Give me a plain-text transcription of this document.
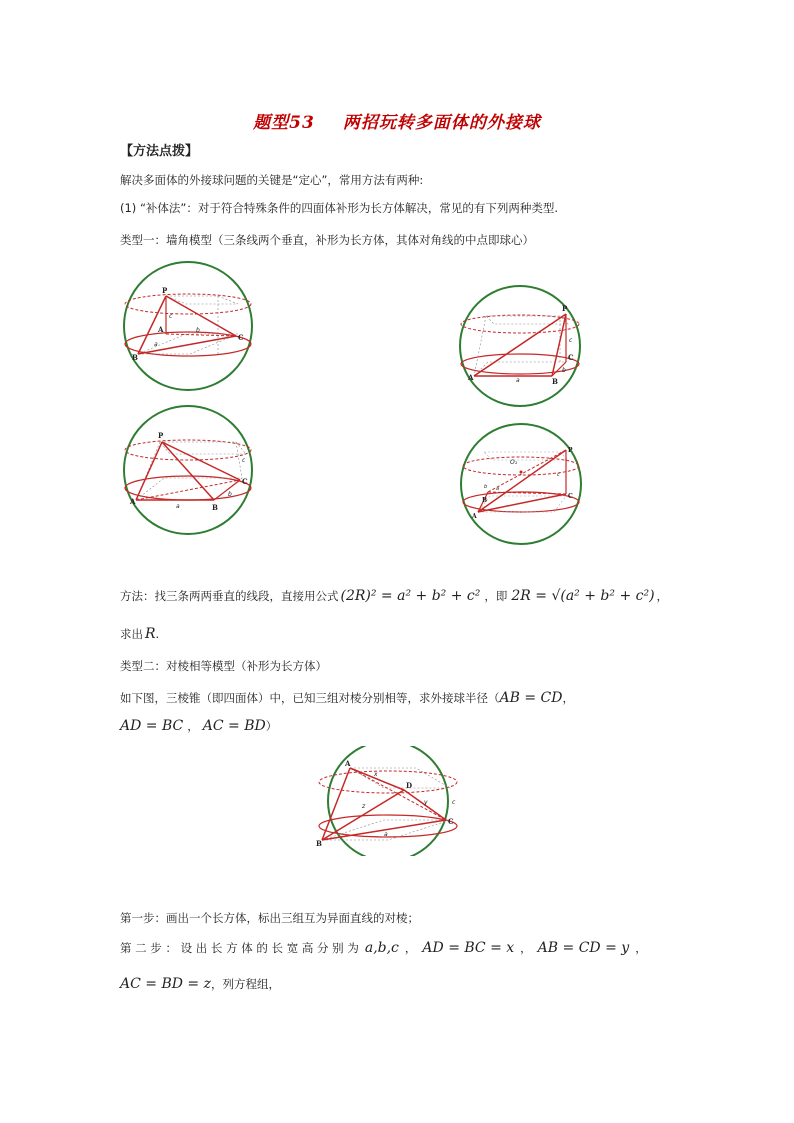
题型53 两招玩转多面体的外接球
【方法点拨】
解决多面体的外接球问题的关键是“定心”，常用方法有两种:
(1) “补体法”：对于符合特殊条件的四面体补形为长方体解决，常见的有下列两种类型.
类型一：墙角模型（三条线两个垂直，补形为长方体，其体对角线的中点即球心）
P
A
B
C
b
c
a
P
A	B
C
a
b
c
P
A
B
C
a
b
c
P
O₁
C
B
A
b a
c
方法：找三条两两垂直的线段，直接用公式 (2R)² = a² + b² + c² ，即 2R = √(a² + b² + c²) ，
求出 R .
类型二：对棱相等模型（补形为长方体）
如下图，三棱锥（即四面体）中，已知三组对棱分别相等，求外接球半径（ AB = CD ，
AD = BC ， AC = BD ）
A
B
C
D
x
y
z
c
a
第一步：画出一个长方体，标出三组互为异面直线的对棱；
第 二 步 ： 设 出 长 方 体 的 长 宽 高 分 别 为 a,b,c ， AD = BC = x ， AB = CD = y ，
AC = BD = z ，列方程组，
